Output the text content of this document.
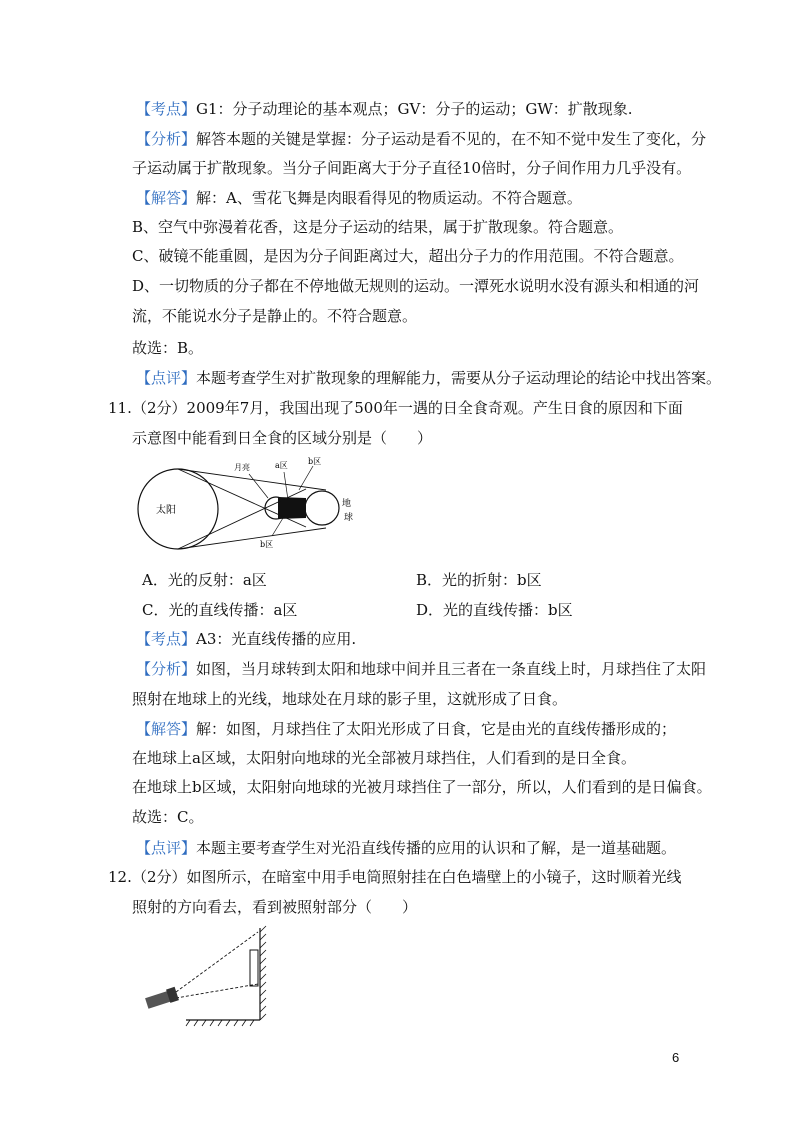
【考点】G1：分子动理论的基本观点；GV：分子的运动；GW：扩散现象.
【分析】解答本题的关键是掌握：分子运动是看不见的，在不知不觉中发生了变化，分
子运动属于扩散现象。当分子间距离大于分子直径10倍时，分子间作用力几乎没有。
【解答】解：A、雪花飞舞是肉眼看得见的物质运动。不符合题意。
B、空气中弥漫着花香，这是分子运动的结果，属于扩散现象。符合题意。
C、破镜不能重圆，是因为分子间距离过大，超出分子力的作用范围。不符合题意。
D、一切物质的分子都在不停地做无规则的运动。一潭死水说明水没有源头和相通的河
流，不能说水分子是静止的。不符合题意。
故选：B。
【点评】本题考查学生对扩散现象的理解能力，需要从分子运动理论的结论中找出答案。
11. （2分）2009年7月，我国出现了500年一遇的日全食奇观。产生日食的原因和下面
示意图中能看到日全食的区域分别是（　　）
太阳
月亮	a区	b区
b区
地
球
A．光的反射：a区	B．光的折射：b区
C．光的直线传播：a区	D．光的直线传播：b区
【考点】A3：光直线传播的应用.
【分析】如图，当月球转到太阳和地球中间并且三者在一条直线上时，月球挡住了太阳
照射在地球上的光线，地球处在月球的影子里，这就形成了日食。
【解答】解：如图，月球挡住了太阳光形成了日食，它是由光的直线传播形成的；
在地球上a区域，太阳射向地球的光全部被月球挡住，人们看到的是日全食。
在地球上b区域，太阳射向地球的光被月球挡住了一部分，所以，人们看到的是日偏食。
故选：C。
【点评】本题主要考查学生对光沿直线传播的应用的认识和了解，是一道基础题。
12. （2分）如图所示，在暗室中用手电筒照射挂在白色墙壁上的小镜子，这时顺着光线
照射的方向看去，看到被照射部分（　　）
6
